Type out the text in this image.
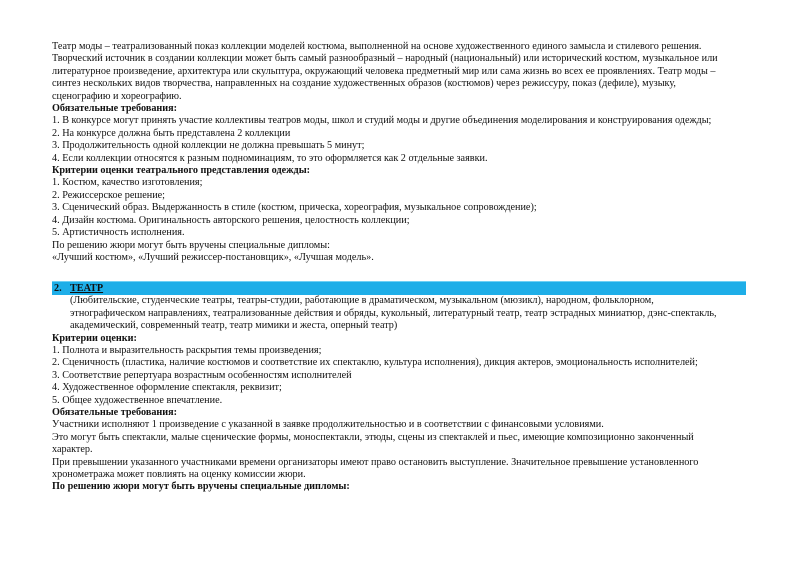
Театр моды – театрализованный показ коллекции моделей костюма, выполненной на основе художественного единого замысла и стилевого решения.

Творческий источник в создании коллекции может быть самый разнообразный – народный (национальный) или исторический костюм, музыкальное или

литературное произведение, архитектура или скульптура, окружающий человека предметный мир или сама жизнь во всех ее проявлениях. Театр моды –

синтез нескольких видов творчества, направленных на создание художественных образов (костюмов) через режиссуру, показ (дефиле), музыку,

сценографию и хореографию.

Обязательные требования:

1. В конкурсе могут принять участие коллективы театров моды, школ и студий моды и другие объединения моделирования и конструирования одежды;

2. На конкурсе должна быть представлена 2 коллекции

3. Продолжительность одной коллекции не должна превышать 5 минут;

4. Если коллекции относятся к разным подноминациям, то это оформляется как 2 отдельные заявки.

Критерии оценки театрального представления одежды:

1. Костюм, качество изготовления;

2. Режиссерское решение;

3. Сценический образ. Выдержанность в стиле (костюм, прическа, хореография, музыкальное сопровождение);

4. Дизайн костюма. Оригинальность авторского решения, целостность коллекции;

5. Артистичность исполнения.

По решению жюри могут быть вручены специальные дипломы:

«Лучший костюм», «Лучший режиссер-постановщик», «Лучшая модель».

2. ТЕАТР

(Любительские, студенческие театры, театры-студии, работающие в драматическом, музыкальном (мюзикл), народном, фольклорном,

этнографическом направлениях, театрализованные действия и обряды, кукольный, литературный театр, театр эстрадных миниатюр, дэнс-спектакль,

академический, современный театр, театр мимики и жеста, оперный театр)

Критерии оценки:

1. Полнота и выразительность раскрытия темы произведения;

2. Сценичность (пластика, наличие костюмов и соответствие их спектаклю, культура исполнения), дикция актеров, эмоциональность исполнителей;

3. Соответствие репертуара возрастным особенностям исполнителей

4. Художественное оформление спектакля, реквизит;

5. Общее художественное впечатление.

Обязательные требования:

Участники исполняют 1 произведение с указанной в заявке продолжительностью и в соответствии с финансовыми условиями.

Это могут быть спектакли, малые сценические формы, моноспектакли, этюды, сцены из спектаклей и пьес, имеющие композиционно законченный

характер.

При превышении указанного участниками времени организаторы имеют право остановить выступление. Значительное превышение установленного

хронометража может повлиять на оценку комиссии жюри.

По решению жюри могут быть вручены специальные дипломы:
